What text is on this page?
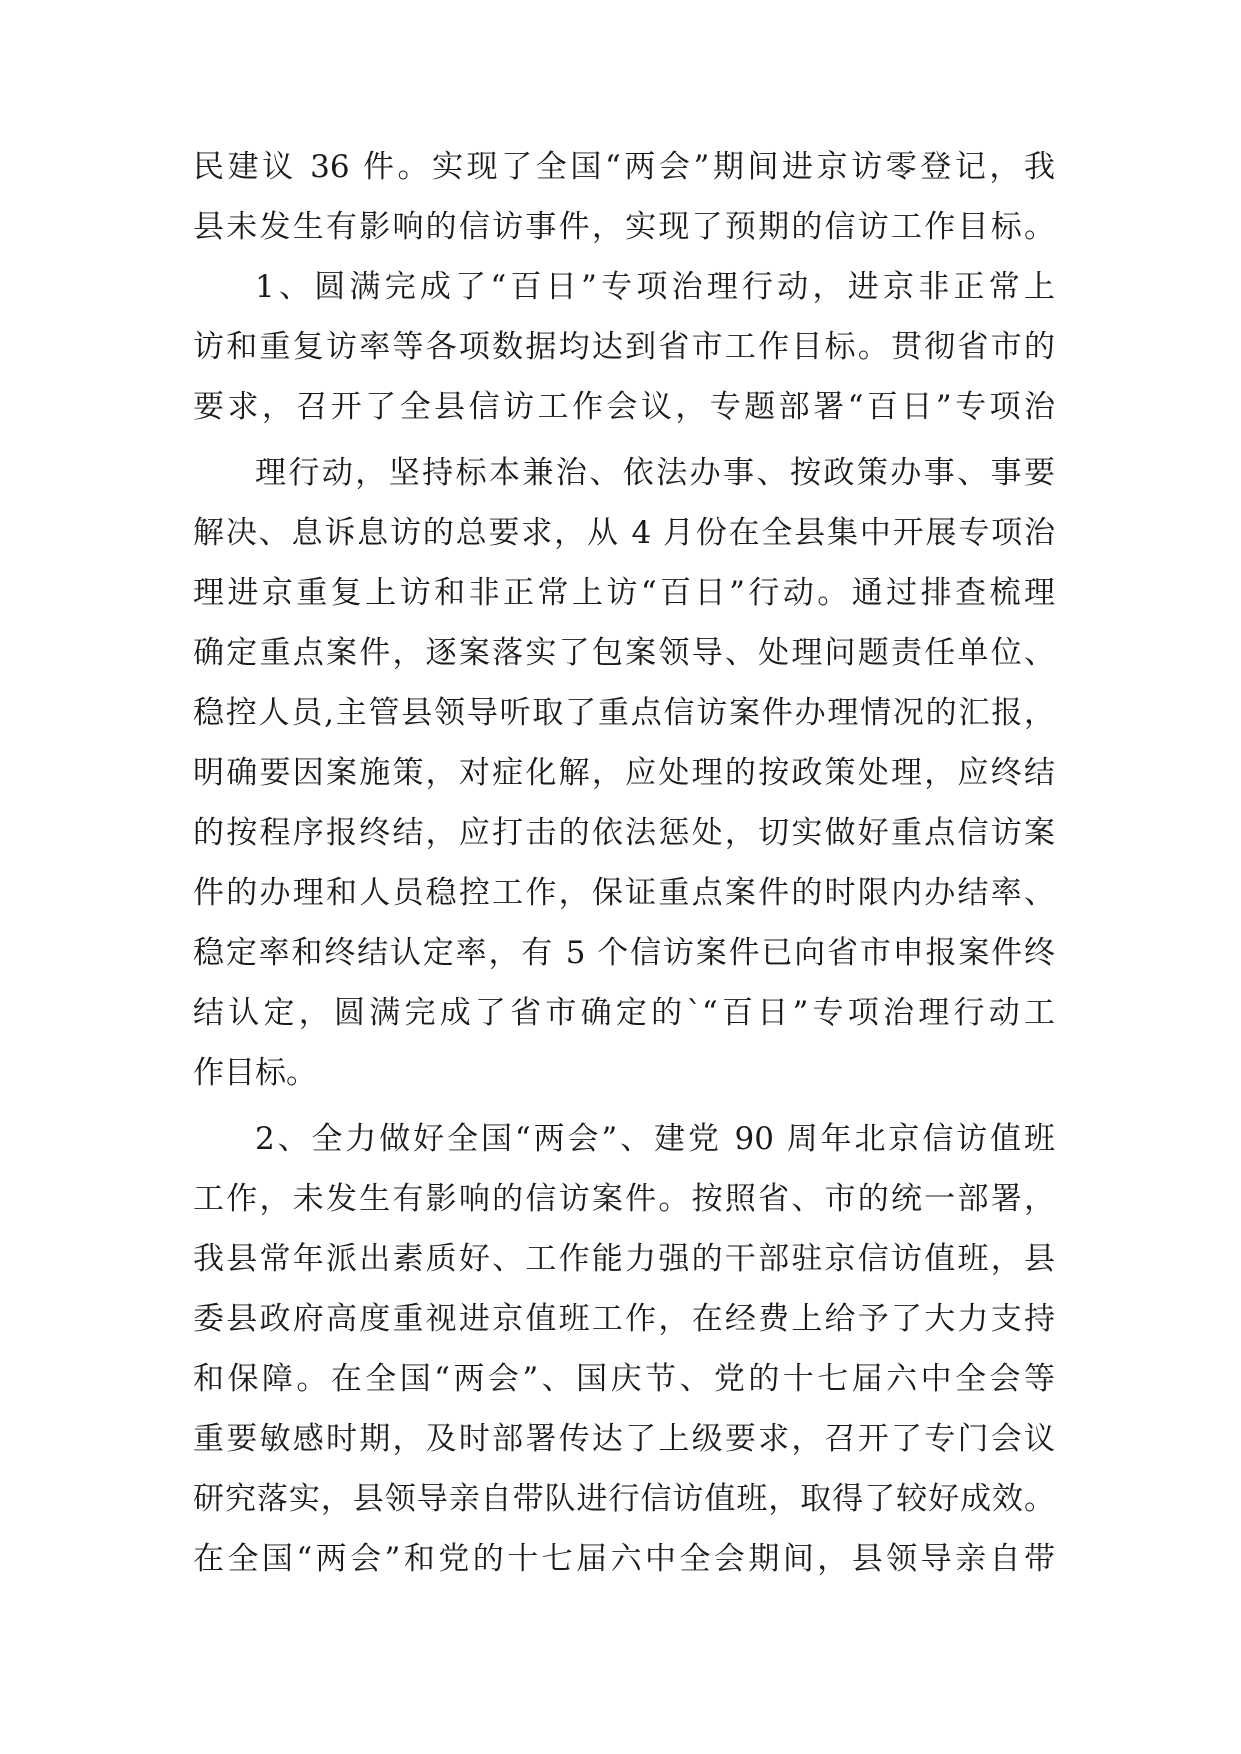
民建议 36 件。实现了全国“两会”期间进京访零登记，我
县未发生有影响的信访事件，实现了预期的信访工作目标。
1、圆满完成了“百日”专项治理行动，进京非正常上
访和重复访率等各项数据均达到省市工作目标。贯彻省市的
要求，召开了全县信访工作会议，专题部署“百日”专项治
理行动，坚持标本兼治、依法办事、按政策办事、事要
解决、息诉息访的总要求，从 4 月份在全县集中开展专项治
理进京重复上访和非正常上访“百日”行动。通过排查梳理
确定重点案件，逐案落实了包案领导、处理问题责任单位、
稳控人员,主管县领导听取了重点信访案件办理情况的汇报，
明确要因案施策，对症化解，应处理的按政策处理，应终结
的按程序报终结，应打击的依法惩处，切实做好重点信访案
件的办理和人员稳控工作，保证重点案件的时限内办结率、
稳定率和终结认定率，有 5 个信访案件已向省市申报案件终
结认定，圆满完成了省市确定的`“百日”专项治理行动工
作目标。
2、全力做好全国“两会”、建党 90 周年北京信访值班
工作，未发生有影响的信访案件。按照省、市的统一部署，
我县常年派出素质好、工作能力强的干部驻京信访值班，县
委县政府高度重视进京值班工作，在经费上给予了大力支持
和保障。在全国“两会”、国庆节、党的十七届六中全会等
重要敏感时期，及时部署传达了上级要求，召开了专门会议
研究落实，县领导亲自带队进行信访值班，取得了较好成效。
在全国“两会”和党的十七届六中全会期间，县领导亲自带
